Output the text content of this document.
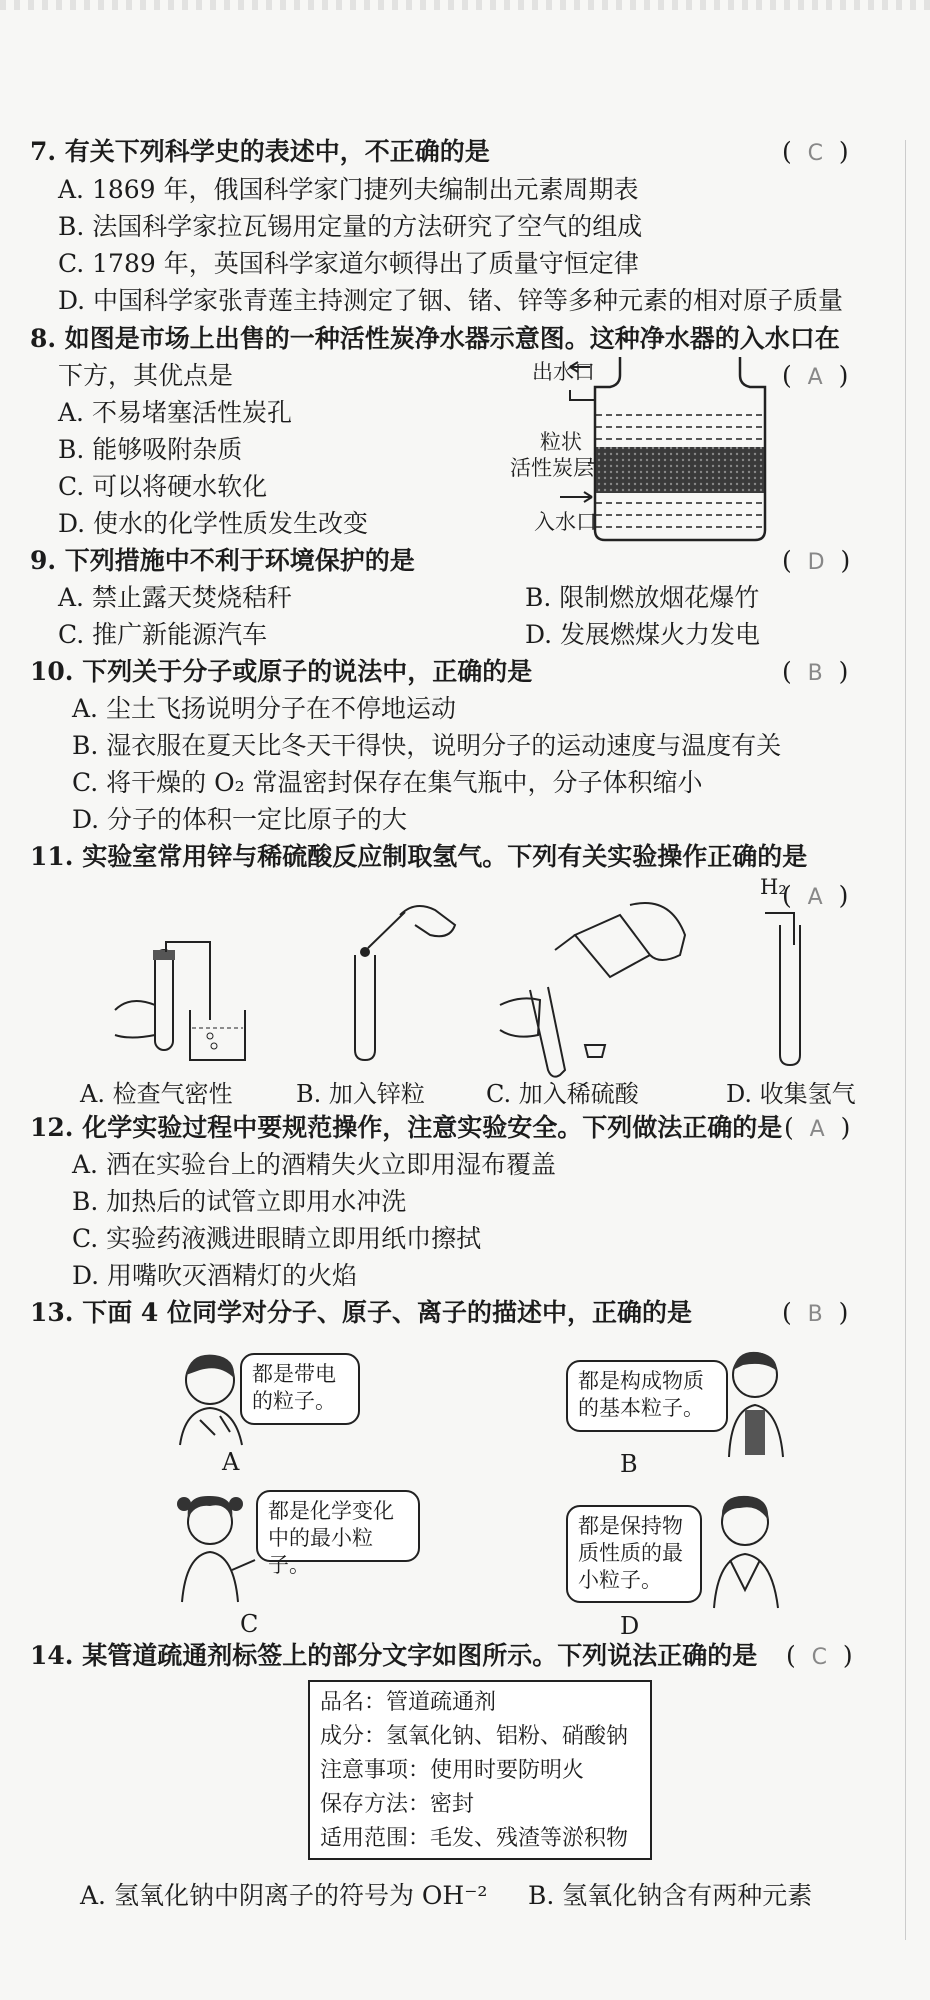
7. 有关下列科学史的表述中，不正确的是	(  C  )
A. 1869 年，俄国科学家门捷列夫编制出元素周期表
B. 法国科学家拉瓦锡用定量的方法研究了空气的组成
C. 1789 年，英国科学家道尔顿得出了质量守恒定律
D. 中国科学家张青莲主持测定了铟、锗、锌等多种元素的相对原子质量
8. 如图是市场上出售的一种活性炭净水器示意图。这种净水器的入水口在
下方，其优点是	(  A  )
A. 不易堵塞活性炭孔
B. 能够吸附杂质
C. 可以将硬水软化
D. 使水的化学性质发生改变
出水口
粒状
活性炭层
入水口
9. 下列措施中不利于环境保护的是	(  D  )
A. 禁止露天焚烧秸秆	B. 限制燃放烟花爆竹
C. 推广新能源汽车	D. 发展燃煤火力发电
10. 下列关于分子或原子的说法中，正确的是	(  B  )
A. 尘土飞扬说明分子在不停地运动
B. 湿衣服在夏天比冬天干得快，说明分子的运动速度与温度有关
C. 将干燥的 O₂ 常温密封保存在集气瓶中，分子体积缩小
D. 分子的体积一定比原子的大
11. 实验室常用锌与稀硫酸反应制取氢气。下列有关实验操作正确的是
(  A  )
H₂
A. 检查气密性	B. 加入锌粒	C. 加入稀硫酸	D. 收集氢气
12. 化学实验过程中要规范操作，注意实验安全。下列做法正确的是 (  A  )
A. 洒在实验台上的酒精失火立即用湿布覆盖
B. 加热后的试管立即用水冲洗
C. 实验药液溅进眼睛立即用纸巾擦拭
D. 用嘴吹灭酒精灯的火焰
13. 下面 4 位同学对分子、原子、离子的描述中，正确的是	(  B  )
都是带电
的粒子。
A
都是构成物质
的基本粒子。
B
都是化学变化
中的最小粒子。
C
都是保持物
质性质的最
小粒子。
D
14. 某管道疏通剂标签上的部分文字如图所示。下列说法正确的是 (  C  )
品名：管道疏通剂
成分：氢氧化钠、铝粉、硝酸钠
注意事项：使用时要防明火
保存方法：密封
适用范围：毛发、残渣等淤积物
A. 氢氧化钠中阴离子的符号为 OH⁻² B. 氢氧化钠含有两种元素
